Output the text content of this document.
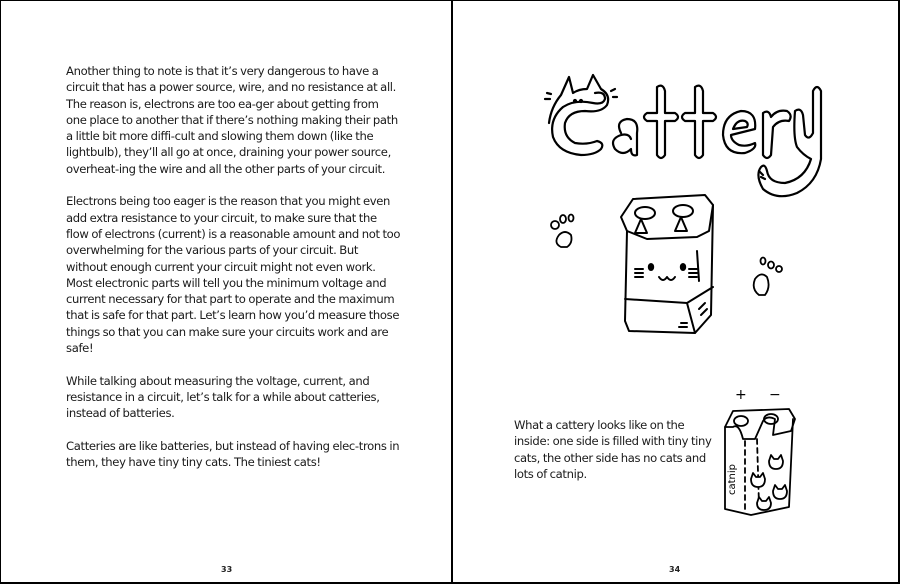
Another thing to note is that it’s very dangerous to have a circuit that has a power source, wire, and no resistance at all. The reason is, electrons are too ea-ger about getting from one place to another that if there’s nothing making their path a little bit more diffi-cult and slowing them down (like the lightbulb), they’ll all go at once, draining your power source, overheat-ing the wire and all the other parts of your circuit.

Electrons being too eager is the reason that you might even add extra resistance to your circuit, to make sure that the flow of electrons (current) is a reasonable amount and not too overwhelming for the various parts of your circuit. But without enough current your circuit might not even work. Most electronic parts will tell you the minimum voltage and current necessary for that part to operate and the maximum that is safe for that part. Let’s learn how you’d measure those things so that you can make sure your circuits work and are safe!

While talking about measuring the voltage, current, and resistance in a circuit, let’s talk for a while about catteries, instead of batteries.

Catteries are like batteries, but instead of having elec-trons in them, they have tiny tiny cats. The tiniest cats!

33
What a cattery looks like on the inside: one side is filled with tiny tiny cats, the other side has no cats and lots of catnip.
+ −
catnip
34
